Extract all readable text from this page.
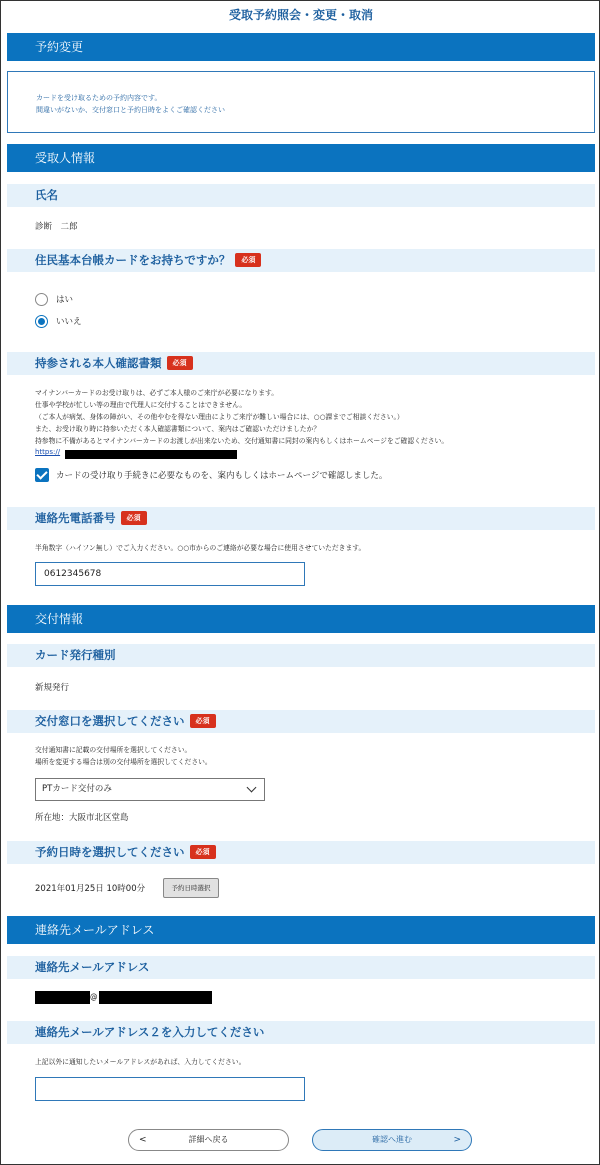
受取予約照会・変更・取消
予約変更
カードを受け取るための予約内容です。
間違いがないか、交付窓口と予約日時をよくご確認ください
受取人情報
氏名
診断　二郎
住民基本台帳カードをお持ちですか？ 必須
はい
いいえ
持参される本人確認書類 必須
マイナンバーカードのお受け取りは、必ずご本人様のご来庁が必要になります。
仕事や学校が忙しい等の理由で代理人に交付することはできません。
（ご本人が病気、身体の障がい、その他やむを得ない理由によりご来庁が難しい場合には、○○課までご相談ください。）
また、お受け取り時に持参いただく本人確認書類について、案内はご確認いただけましたか？
持参物に不備があるとマイナンバーカードのお渡しが出来ないため、交付通知書に同封の案内もしくはホームページをご確認ください。
https://
カードの受け取り手続きに必要なものを、案内もしくはホームページで確認しました。
連絡先電話番号 必須
半角数字（ハイフン無し）でご入力ください。○○市からのご連絡が必要な場合に使用させていただきます。
0612345678
交付情報
カード発行種別
新規発行
交付窓口を選択してください 必須
交付通知書に記載の交付場所を選択してください。
場所を変更する場合は別の交付場所を選択してください。
PTカード交付のみ
所在地：大阪市北区堂島
予約日時を選択してください 必須
2021年01月25日 10時00分	予約日時選択
連絡先メールアドレス
連絡先メールアドレス
@
連絡先メールアドレス２を入力してください
上記以外に通知したいメールアドレスがあれば、入力してください。
<	詳細へ戻る	確認へ進む	>
